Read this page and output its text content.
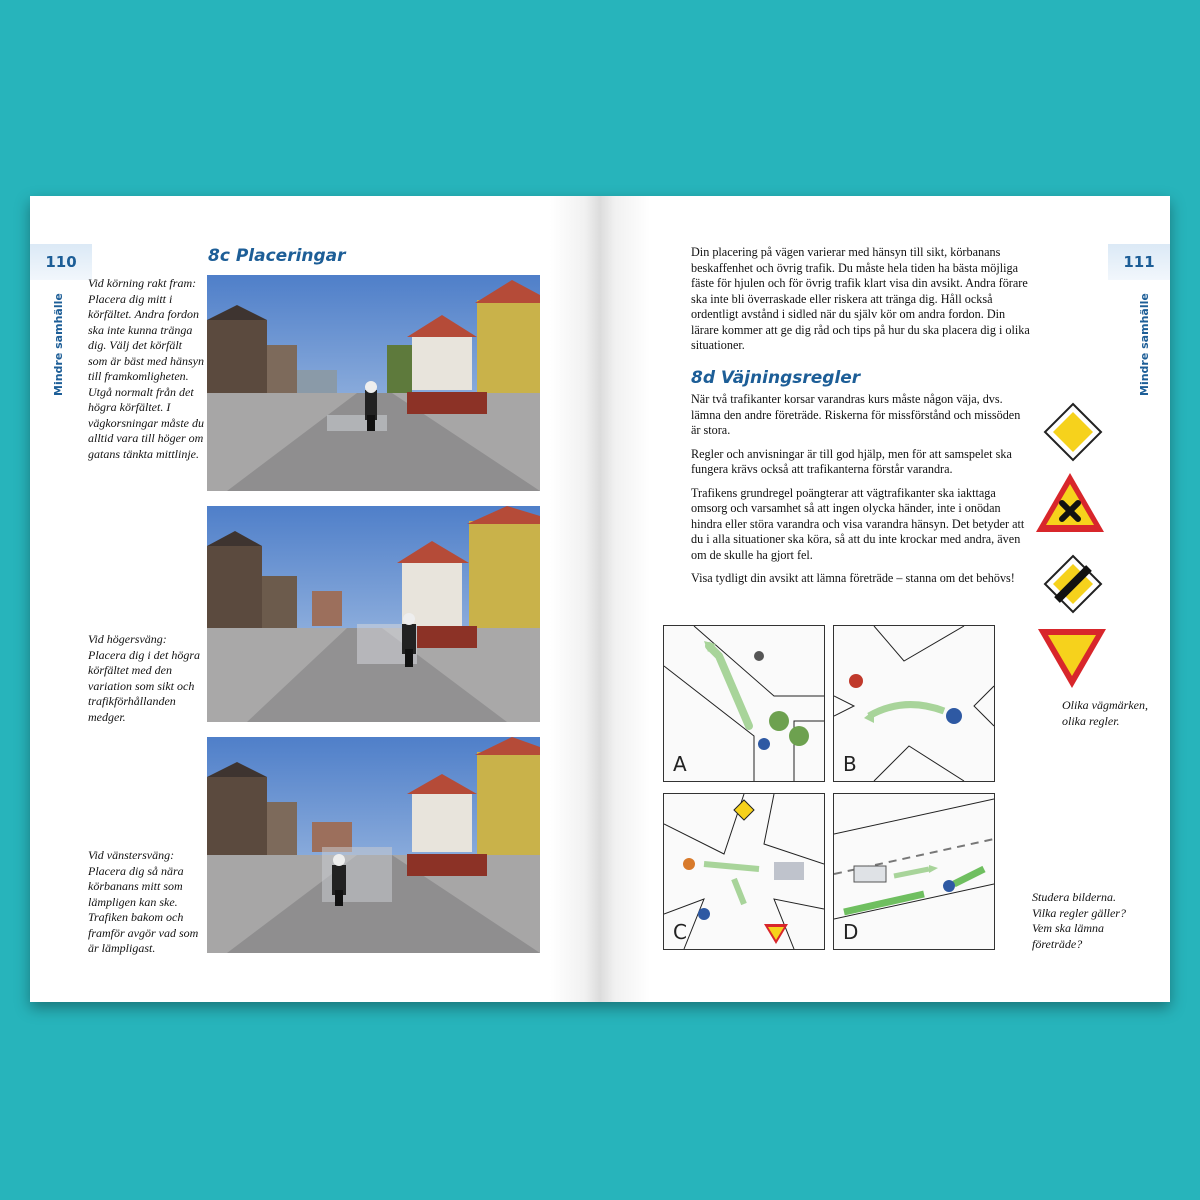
110
Mindre samhälle
8c Placeringar
Vid körning rakt fram: Placera dig mitt i körfältet. Andra fordon ska inte kunna tränga dig. Välj det körfält som är bäst med hänsyn till framkomligheten. Utgå normalt från det högra körfältet. I vägkorsningar måste du alltid vara till höger om gatans tänkta mittlinje.
Vid högersväng: Placera dig i det högra körfältet med den variation som sikt och trafikförhållanden medger.
Vid vänstersväng: Placera dig så nära körbanans mitt som lämpligen kan ske. Trafiken bakom och framför avgör vad som är lämpligast.
111
Mindre samhälle

Din placering på vägen varierar med hänsyn till sikt, körbanans beskaffenhet och övrig trafik. Du måste hela tiden ha bästa möjliga fäste för hjulen och för övrig trafik klart visa din avsikt. Andra förare ska inte bli överraskade eller riskera att tränga dig. Håll också ordentligt avstånd i sidled när du själv kör om andra fordon. Din lärare kommer att ge dig råd och tips på hur du ska placera dig i olika situationer.

8d Väjningsregler

När två trafikanter korsar varandras kurs måste någon väja, dvs. lämna den andre företräde. Riskerna för missförstånd och missöden är stora.

Regler och anvisningar är till god hjälp, men för att samspelet ska fungera krävs också att trafikanterna förstår varandra.

Trafikens grundregel poängterar att vägtrafikanter ska iakttaga omsorg och varsamhet så att ingen olycka händer, inte i onödan hindra eller störa varandra och visa varandra hänsyn. Det betyder att du i alla situationer ska köra, så att du inte krockar med andra, även om de skulle ha gjort fel.

Visa tydligt din avsikt att lämna företräde – stanna om det behövs!

A	B
C	D
Olika vägmärken, olika regler.
Studera bilderna. Vilka regler gäller? Vem ska lämna företräde?
